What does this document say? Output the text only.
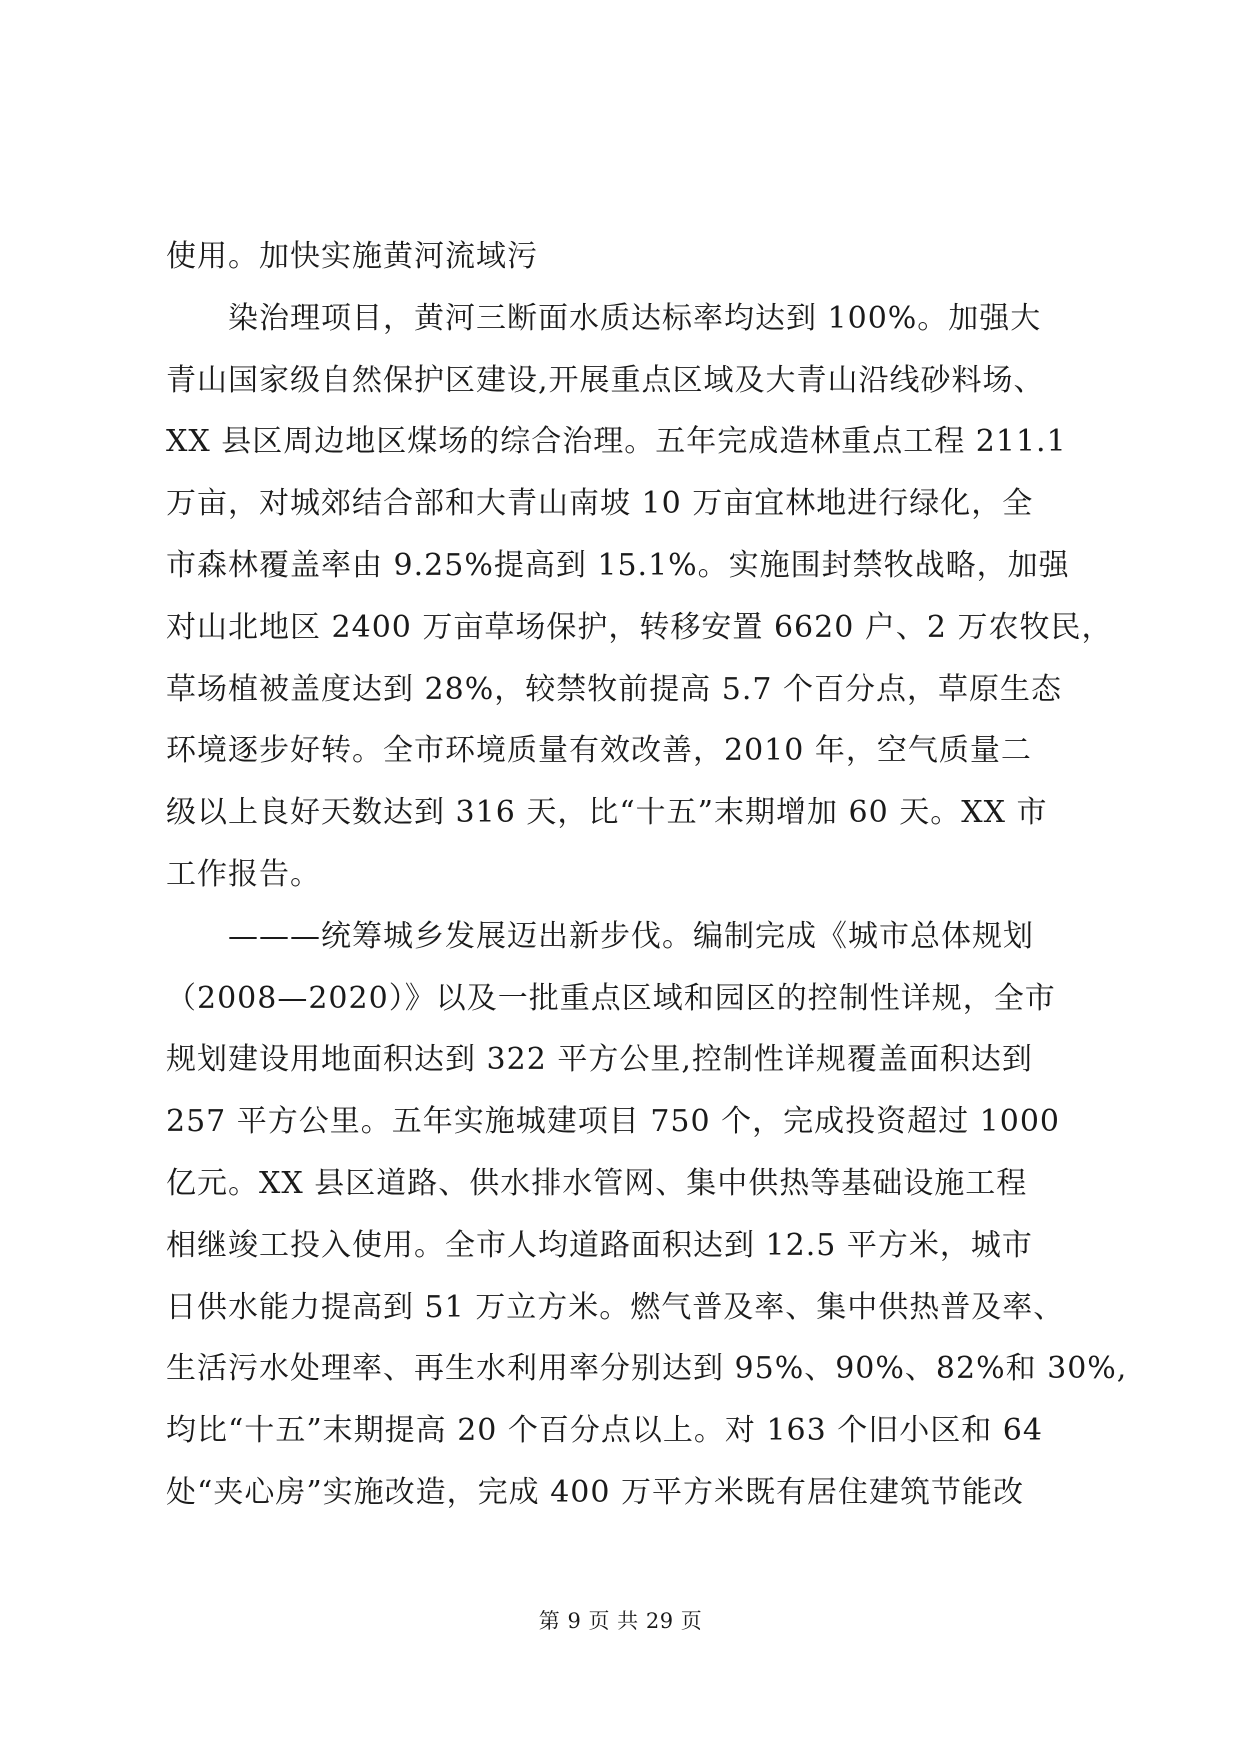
使用。加快实施黄河流域污
染治理项目，黄河三断面水质达标率均达到 100%。加强大
青山国家级自然保护区建设,开展重点区域及大青山沿线砂料场、
XX 县区周边地区煤场的综合治理。五年完成造林重点工程 211.1
万亩，对城郊结合部和大青山南坡 10 万亩宜林地进行绿化，全
市森林覆盖率由 9.25%提高到 15.1%。实施围封禁牧战略，加强
对山北地区 2400 万亩草场保护，转移安置 6620 户、2 万农牧民，
草场植被盖度达到 28%，较禁牧前提高 5.7 个百分点，草原生态
环境逐步好转。全市环境质量有效改善，2010 年，空气质量二
级以上良好天数达到 316 天，比“十五”末期增加 60 天。XX 市
工作报告。
———统筹城乡发展迈出新步伐。编制完成《城市总体规划
（2008—2020）》以及一批重点区域和园区的控制性详规，全市
规划建设用地面积达到 322 平方公里,控制性详规覆盖面积达到
257 平方公里。五年实施城建项目 750 个，完成投资超过 1000
亿元。XX 县区道路、供水排水管网、集中供热等基础设施工程
相继竣工投入使用。全市人均道路面积达到 12.5 平方米，城市
日供水能力提高到 51 万立方米。燃气普及率、集中供热普及率、
生活污水处理率、再生水利用率分别达到 95%、90%、82%和 30%,
均比“十五”末期提高 20 个百分点以上。对 163 个旧小区和 64
处“夹心房”实施改造，完成 400 万平方米既有居住建筑节能改
第 9 页 共 29 页
